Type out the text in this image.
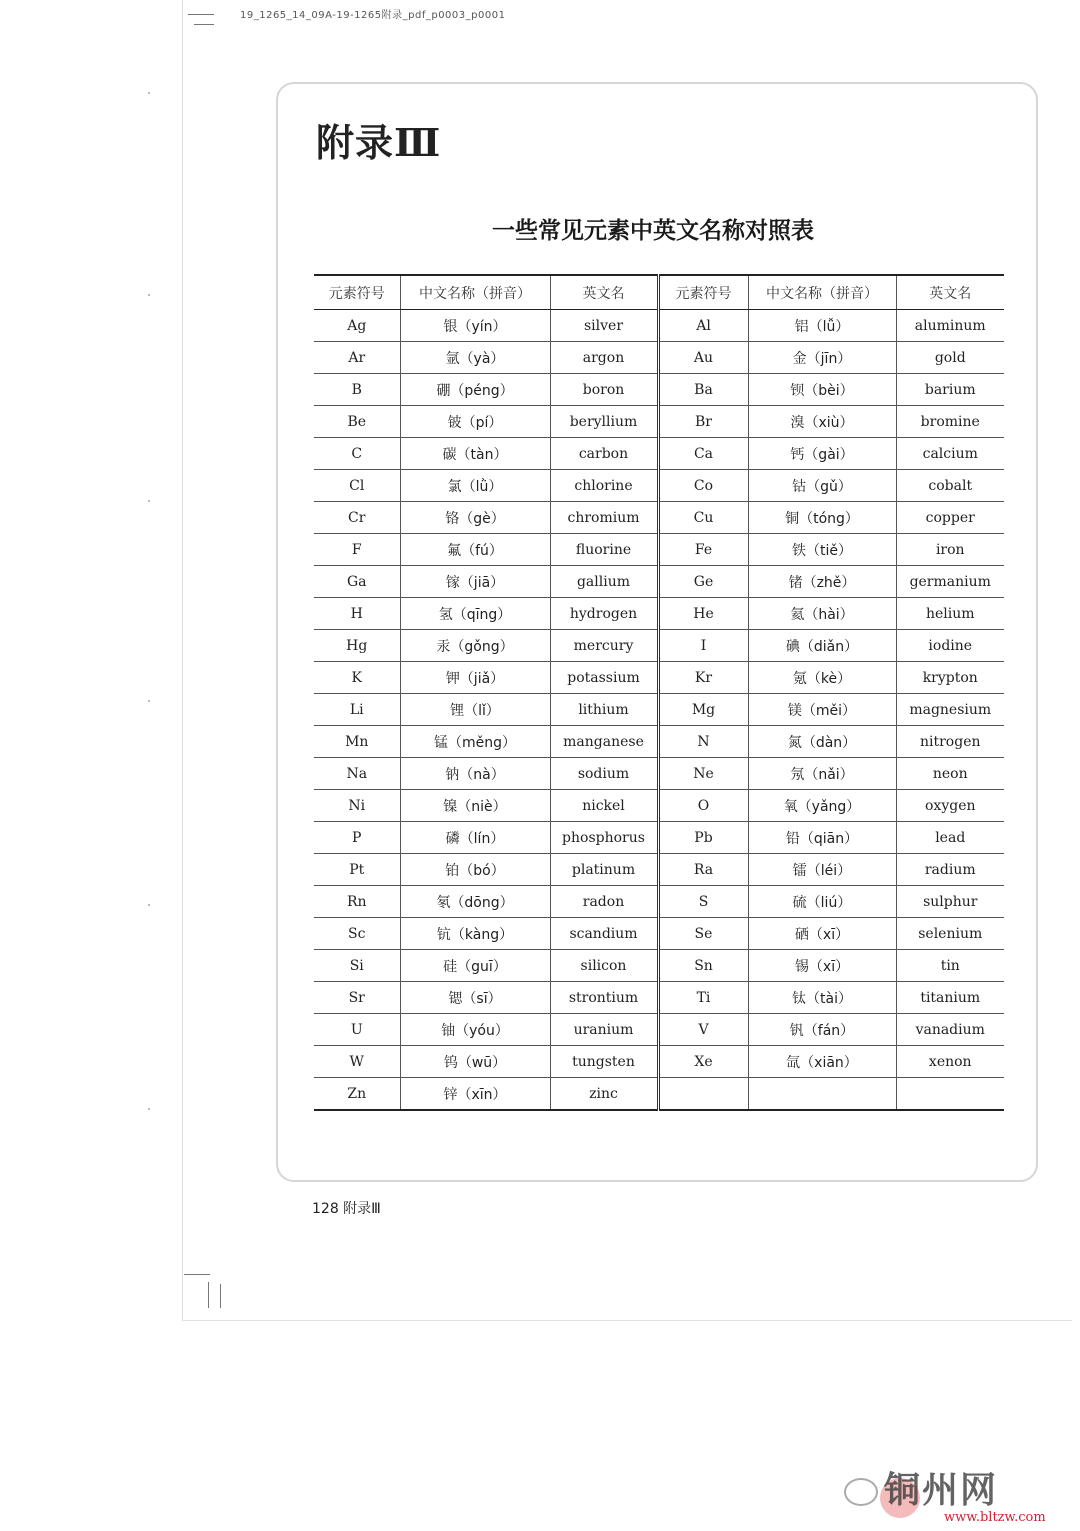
19_1265_14_09A-19-1265附录_pdf_p0003_p0001
附录Ⅲ
一些常见元素中英文名称对照表
元素符号	中文名称（拼音）	英文名	元素符号	中文名称（拼音）	英文名
Ag	银（yín）	silver	Al	铝（lǚ）	aluminum
Ar	氩（yà）	argon	Au	金（jīn）	gold
B	硼（péng）	boron	Ba	钡（bèi）	barium
Be	铍（pí）	beryllium	Br	溴（xiù）	bromine
C	碳（tàn）	carbon	Ca	钙（gài）	calcium
Cl	氯（lǜ）	chlorine	Co	钴（gǔ）	cobalt
Cr	铬（gè）	chromium	Cu	铜（tóng）	copper
F	氟（fú）	fluorine	Fe	铁（tiě）	iron
Ga	镓（jiā）	gallium	Ge	锗（zhě）	germanium
H	氢（qīng）	hydrogen	He	氦（hài）	helium
Hg	汞（gǒng）	mercury	I	碘（diǎn）	iodine
K	钾（jiǎ）	potassium	Kr	氪（kè）	krypton
Li	锂（lǐ）	lithium	Mg	镁（měi）	magnesium
Mn	锰（měng）	manganese	N	氮（dàn）	nitrogen
Na	钠（nà）	sodium	Ne	氖（nǎi）	neon
Ni	镍（niè）	nickel	O	氧（yǎng）	oxygen
P	磷（lín）	phosphorus	Pb	铅（qiān）	lead
Pt	铂（bó）	platinum	Ra	镭（léi）	radium
Rn	氡（dōng）	radon	S	硫（liú）	sulphur
Sc	钪（kàng）	scandium	Se	硒（xī）	selenium
Si	硅（guī）	silicon	Sn	锡（xī）	tin
Sr	锶（sī）	strontium	Ti	钛（tài）	titanium
U	铀（yóu）	uranium	V	钒（fán）	vanadium
W	钨（wū）	tungsten	Xe	氙（xiān）	xenon
Zn	锌（xīn）	zinc			
128 附录Ⅲ
铜州网
www.bltzw.com
